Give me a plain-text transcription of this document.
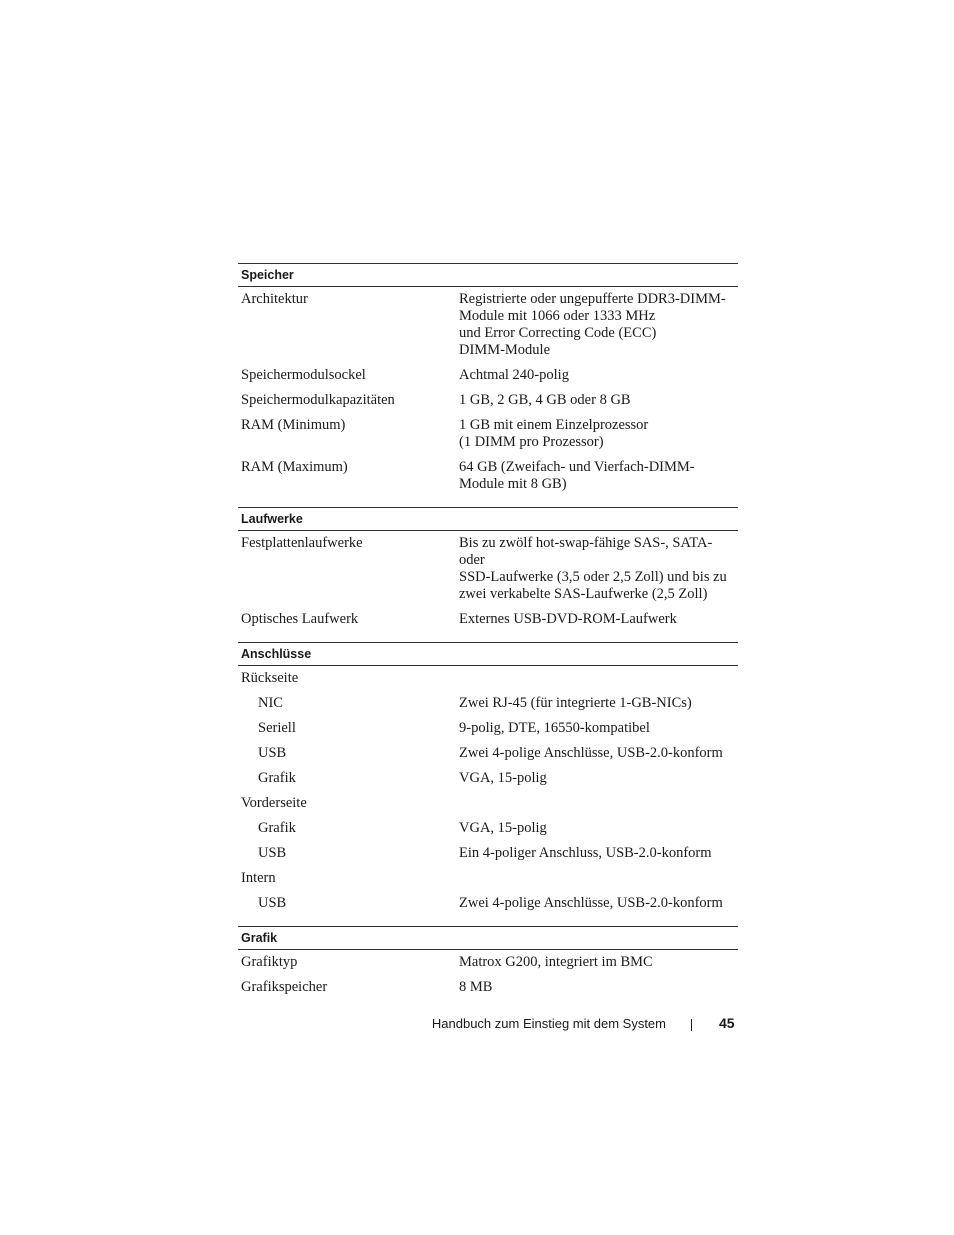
Speicher
Architektur	Registrierte oder ungepufferte DDR3-DIMM-
Module mit 1066 oder 1333 MHz
und Error Correcting Code (ECC)
DIMM-Module
Speichermodulsockel	Achtmal 240-polig
Speichermodulkapazitäten	1 GB, 2 GB, 4 GB oder 8 GB
RAM (Minimum)	1 GB mit einem Einzelprozessor
(1 DIMM pro Prozessor)
RAM (Maximum)	64 GB (Zweifach- und Vierfach-DIMM-
Module mit 8 GB)
Laufwerke
Festplattenlaufwerke	Bis zu zwölf hot-swap-fähige SAS-, SATA- oder
SSD-Laufwerke (3,5 oder 2,5 Zoll) und bis zu
zwei verkabelte SAS-Laufwerke (2,5 Zoll)
Optisches Laufwerk	Externes USB-DVD-ROM-Laufwerk
Anschlüsse
Rückseite
NIC	Zwei RJ-45 (für integrierte 1-GB-NICs)
Seriell	9-polig, DTE, 16550-kompatibel
USB	Zwei 4-polige Anschlüsse, USB-2.0-konform
Grafik	VGA, 15-polig
Vorderseite
Grafik	VGA, 15-polig
USB	Ein 4-poliger Anschluss, USB-2.0-konform
Intern
USB	Zwei 4-polige Anschlüsse, USB-2.0-konform
Grafik
Grafiktyp	Matrox G200, integriert im BMC
Grafikspeicher	8 MB
Handbuch zum Einstieg mit dem System	45
